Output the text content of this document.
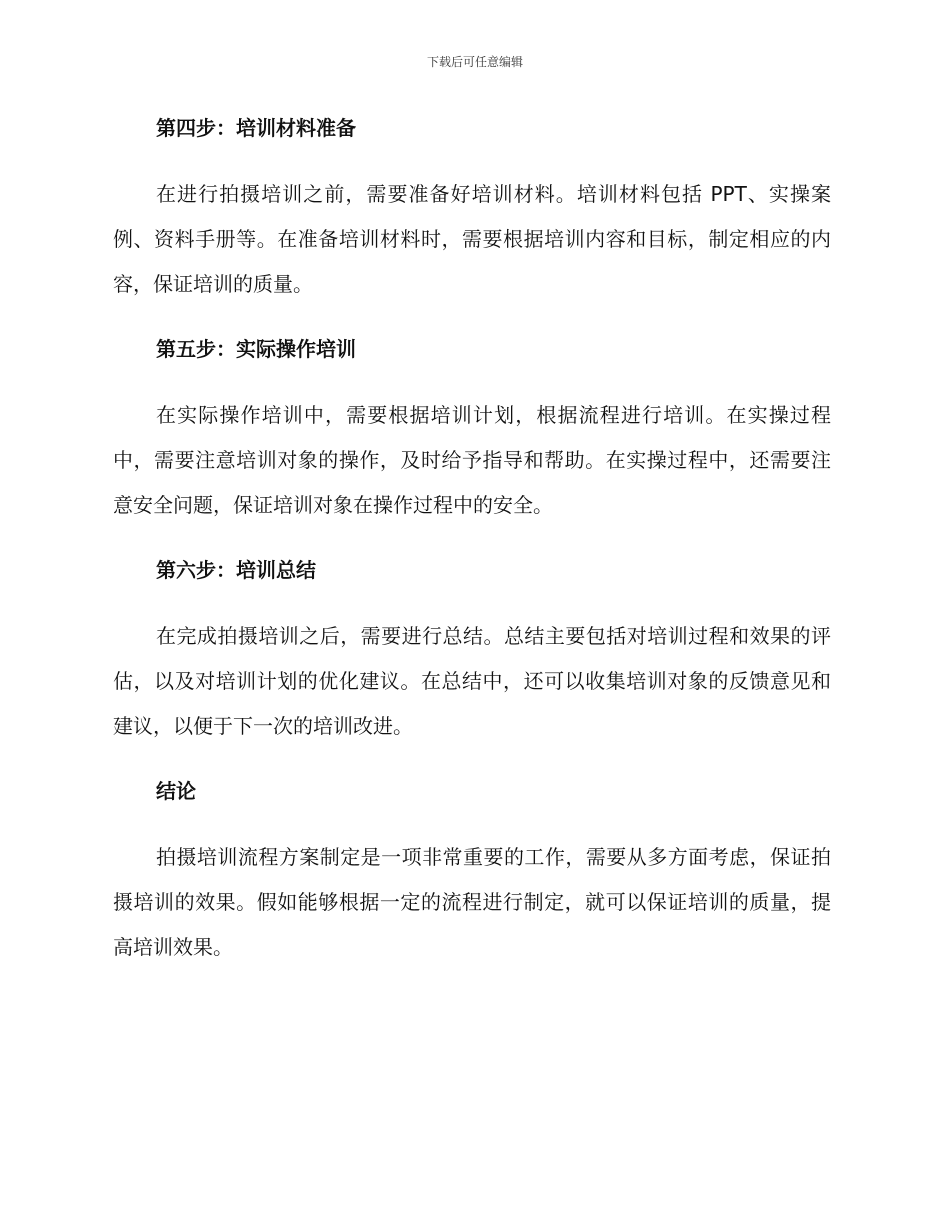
下载后可任意编辑
第四步：培训材料准备

在进行拍摄培训之前，需要准备好培训材料。培训材料包括 PPT、实操案例、资料手册等。在准备培训材料时，需要根据培训内容和目标，制定相应的内容，保证培训的质量。

第五步：实际操作培训

在实际操作培训中，需要根据培训计划，根据流程进行培训。在实操过程中，需要注意培训对象的操作，及时给予指导和帮助。在实操过程中，还需要注意安全问题，保证培训对象在操作过程中的安全。

第六步：培训总结

在完成拍摄培训之后，需要进行总结。总结主要包括对培训过程和效果的评估，以及对培训计划的优化建议。在总结中，还可以收集培训对象的反馈意见和建议，以便于下一次的培训改进。

结论

拍摄培训流程方案制定是一项非常重要的工作，需要从多方面考虑，保证拍摄培训的效果。假如能够根据一定的流程进行制定，就可以保证培训的质量，提高培训效果。
